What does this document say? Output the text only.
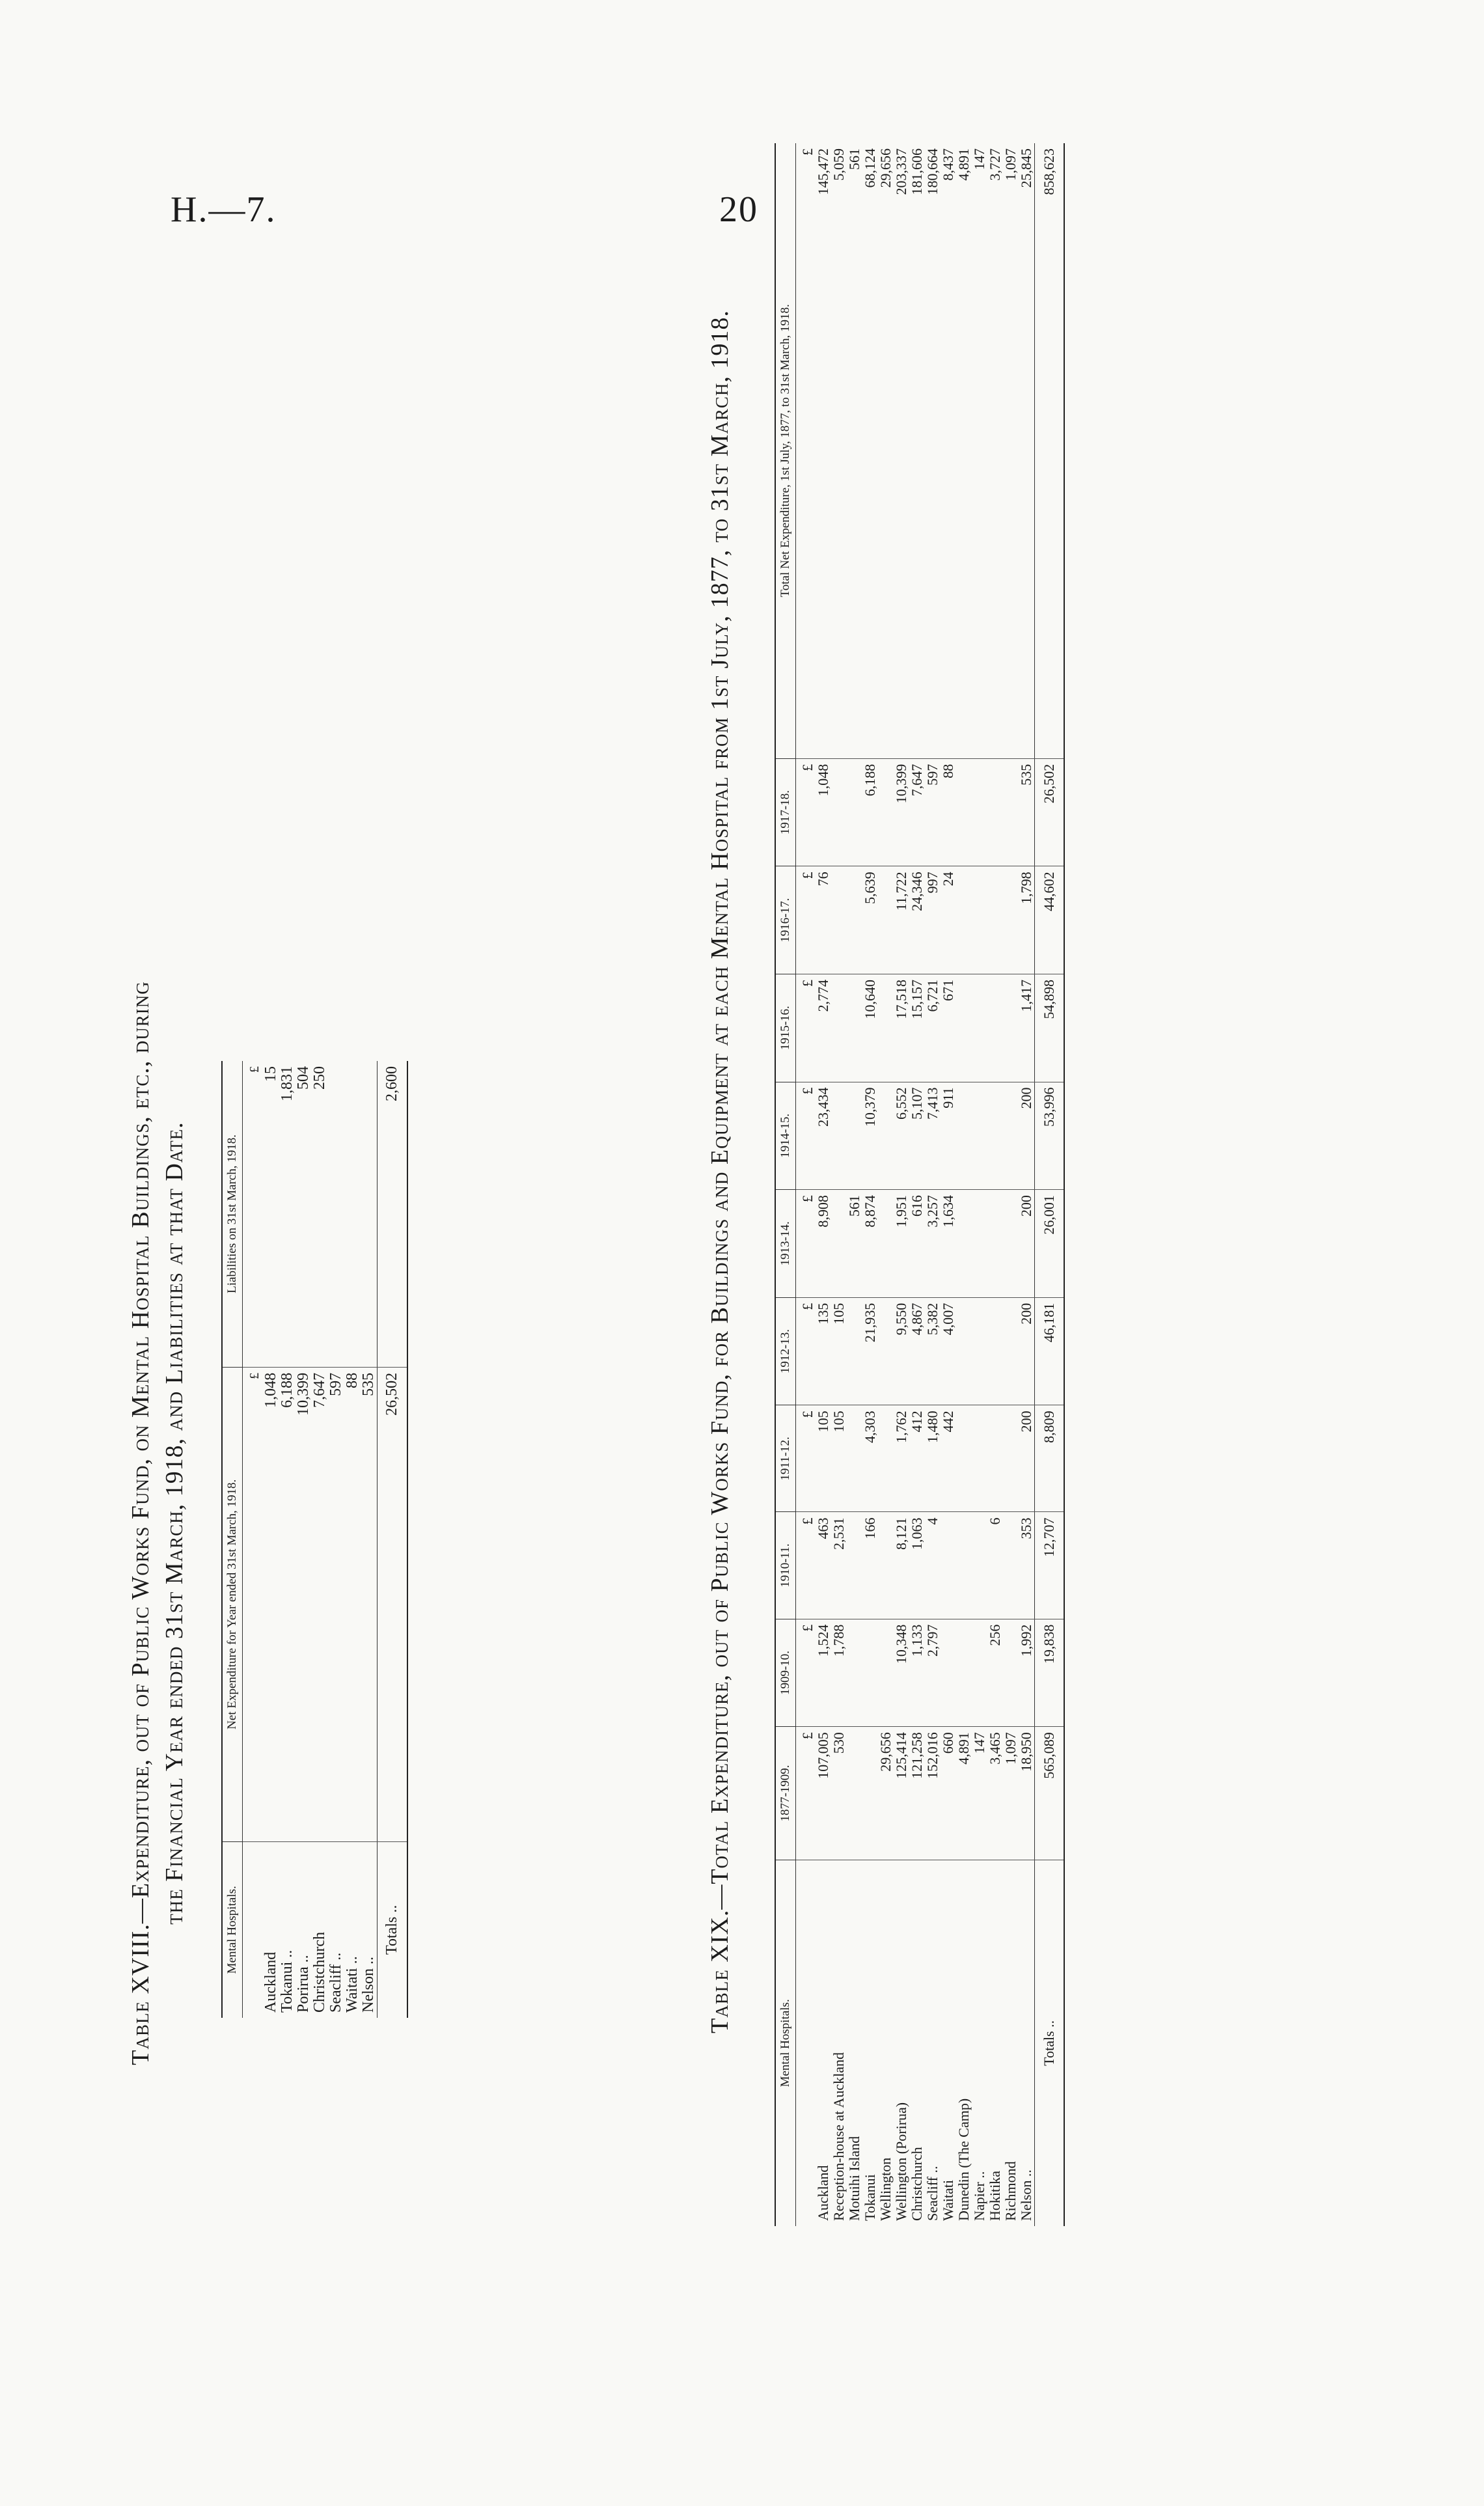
H.—7.	20
Table XVIII.—Expenditure, out of Public Works Fund, on Mental Hospital Buildings, etc., during the Financial Year ended 31st March, 1918, and Liabilities at that Date.
Mental Hospitals.	Net Expenditure for Year ended 31st March, 1918.	Liabilities on 31st March, 1918.
	£	£
Auckland	1,048	15
Tokanui ..	6,188	1,831
Porirua ..	10,399	504
Christchurch	7,647	250
Seacliff ..	597	
Waitati ..	88	
Nelson ..	535	
Totals ..	26,502	2,600	Table XIX.—Total Expenditure, out of Public Works Fund, for Buildings and Equipment at each Mental Hospital from 1st July, 1877, to 31st March, 1918.
Mental Hospitals.	1877-1909.	1909-10.	1910-11.	1911-12.	1912-13.	1913-14.	1914-15.	1915-16.	1916-17.	1917-18.	Total Net Expenditure, 1st July, 1877, to 31st March, 1918.
	£	£	£	£	£	£	£	£	£	£	£
Auckland	107,005	1,524	463	105	135	8,908	23,434	2,774	76	1,048	145,472
Reception-house at Auckland	530	1,788	2,531	105	105						5,059
Motuihi Island						561					561
Tokanui			166	4,303	21,935	8,874	10,379	10,640	5,639	6,188	68,124
Wellington	29,656										29,656
Wellington (Porirua)	125,414	10,348	8,121	1,762	9,550	1,951	6,552	17,518	11,722	10,399	203,337
Christchurch	121,258	1,133	1,063	412	4,867	616	5,107	15,157	24,346	7,647	181,606
Seacliff ..	152,016	2,797	4	1,480	5,382	3,257	7,413	6,721	997	597	180,664
Waitati	660			442	4,007	1,634	911	671	24	88	8,437
Dunedin (The Camp)	4,891										4,891
Napier ..	147										147
Hokitika	3,465	256	6								3,727
Richmond	1,097										1,097
Nelson ..	18,950	1,992	353	200	200	200	200	1,417	1,798	535	25,845
Totals ..	565,089	19,838	12,707	8,809	46,181	26,001	53,996	54,898	44,602	26,502	858,623
